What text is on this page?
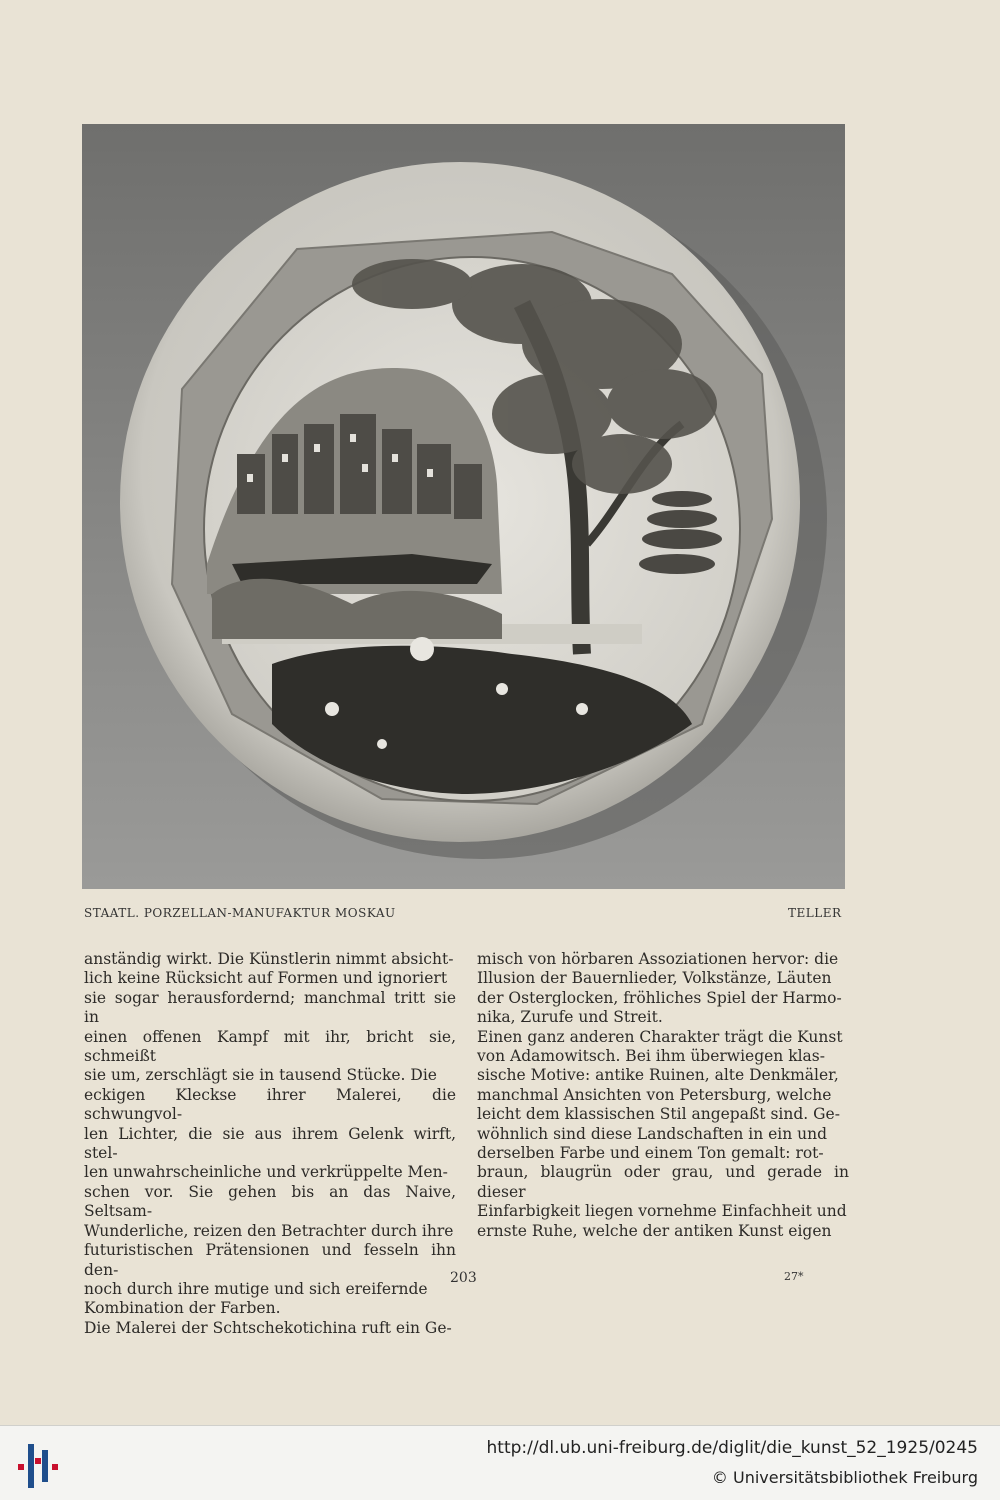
STAATL. PORZELLAN-MANUFAKTUR MOSKAU	TELLER

anständig wirkt. Die Künstlerin nimmt absicht-

lich keine Rücksicht auf Formen und ignoriert

sie sogar herausfordernd; manchmal tritt sie in

einen offenen Kampf mit ihr, bricht sie, schmeißt

sie um, zerschlägt sie in tausend Stücke. Die

eckigen Kleckse ihrer Malerei, die schwungvol-

len Lichter, die sie aus ihrem Gelenk wirft, stel-

len unwahrscheinliche und verkrüppelte Men-

schen vor. Sie gehen bis an das Naive, Seltsam-

Wunderliche, reizen den Betrachter durch ihre

futuristischen Prätensionen und fesseln ihn den-

noch durch ihre mutige und sich ereifernde

Kombination der Farben.

Die Malerei der Schtschekotichina ruft ein Ge-

misch von hörbaren Assoziationen hervor: die

Illusion der Bauernlieder, Volkstänze, Läuten

der Osterglocken, fröhliches Spiel der Harmo-

nika, Zurufe und Streit.

Einen ganz anderen Charakter trägt die Kunst

von Adamowitsch. Bei ihm überwiegen klas-

sische Motive: antike Ruinen, alte Denkmäler,

manchmal Ansichten von Petersburg, welche

leicht dem klassischen Stil angepaßt sind. Ge-

wöhnlich sind diese Landschaften in ein und

derselben Farbe und einem Ton gemalt: rot-

braun, blaugrün oder grau, und gerade in dieser

Einfarbigkeit liegen vornehme Einfachheit und

ernste Ruhe, welche der antiken Kunst eigen

203	27*
http://dl.ub.uni-freiburg.de/diglit/die_kunst_52_1925/0245
© Universitätsbibliothek Freiburg
